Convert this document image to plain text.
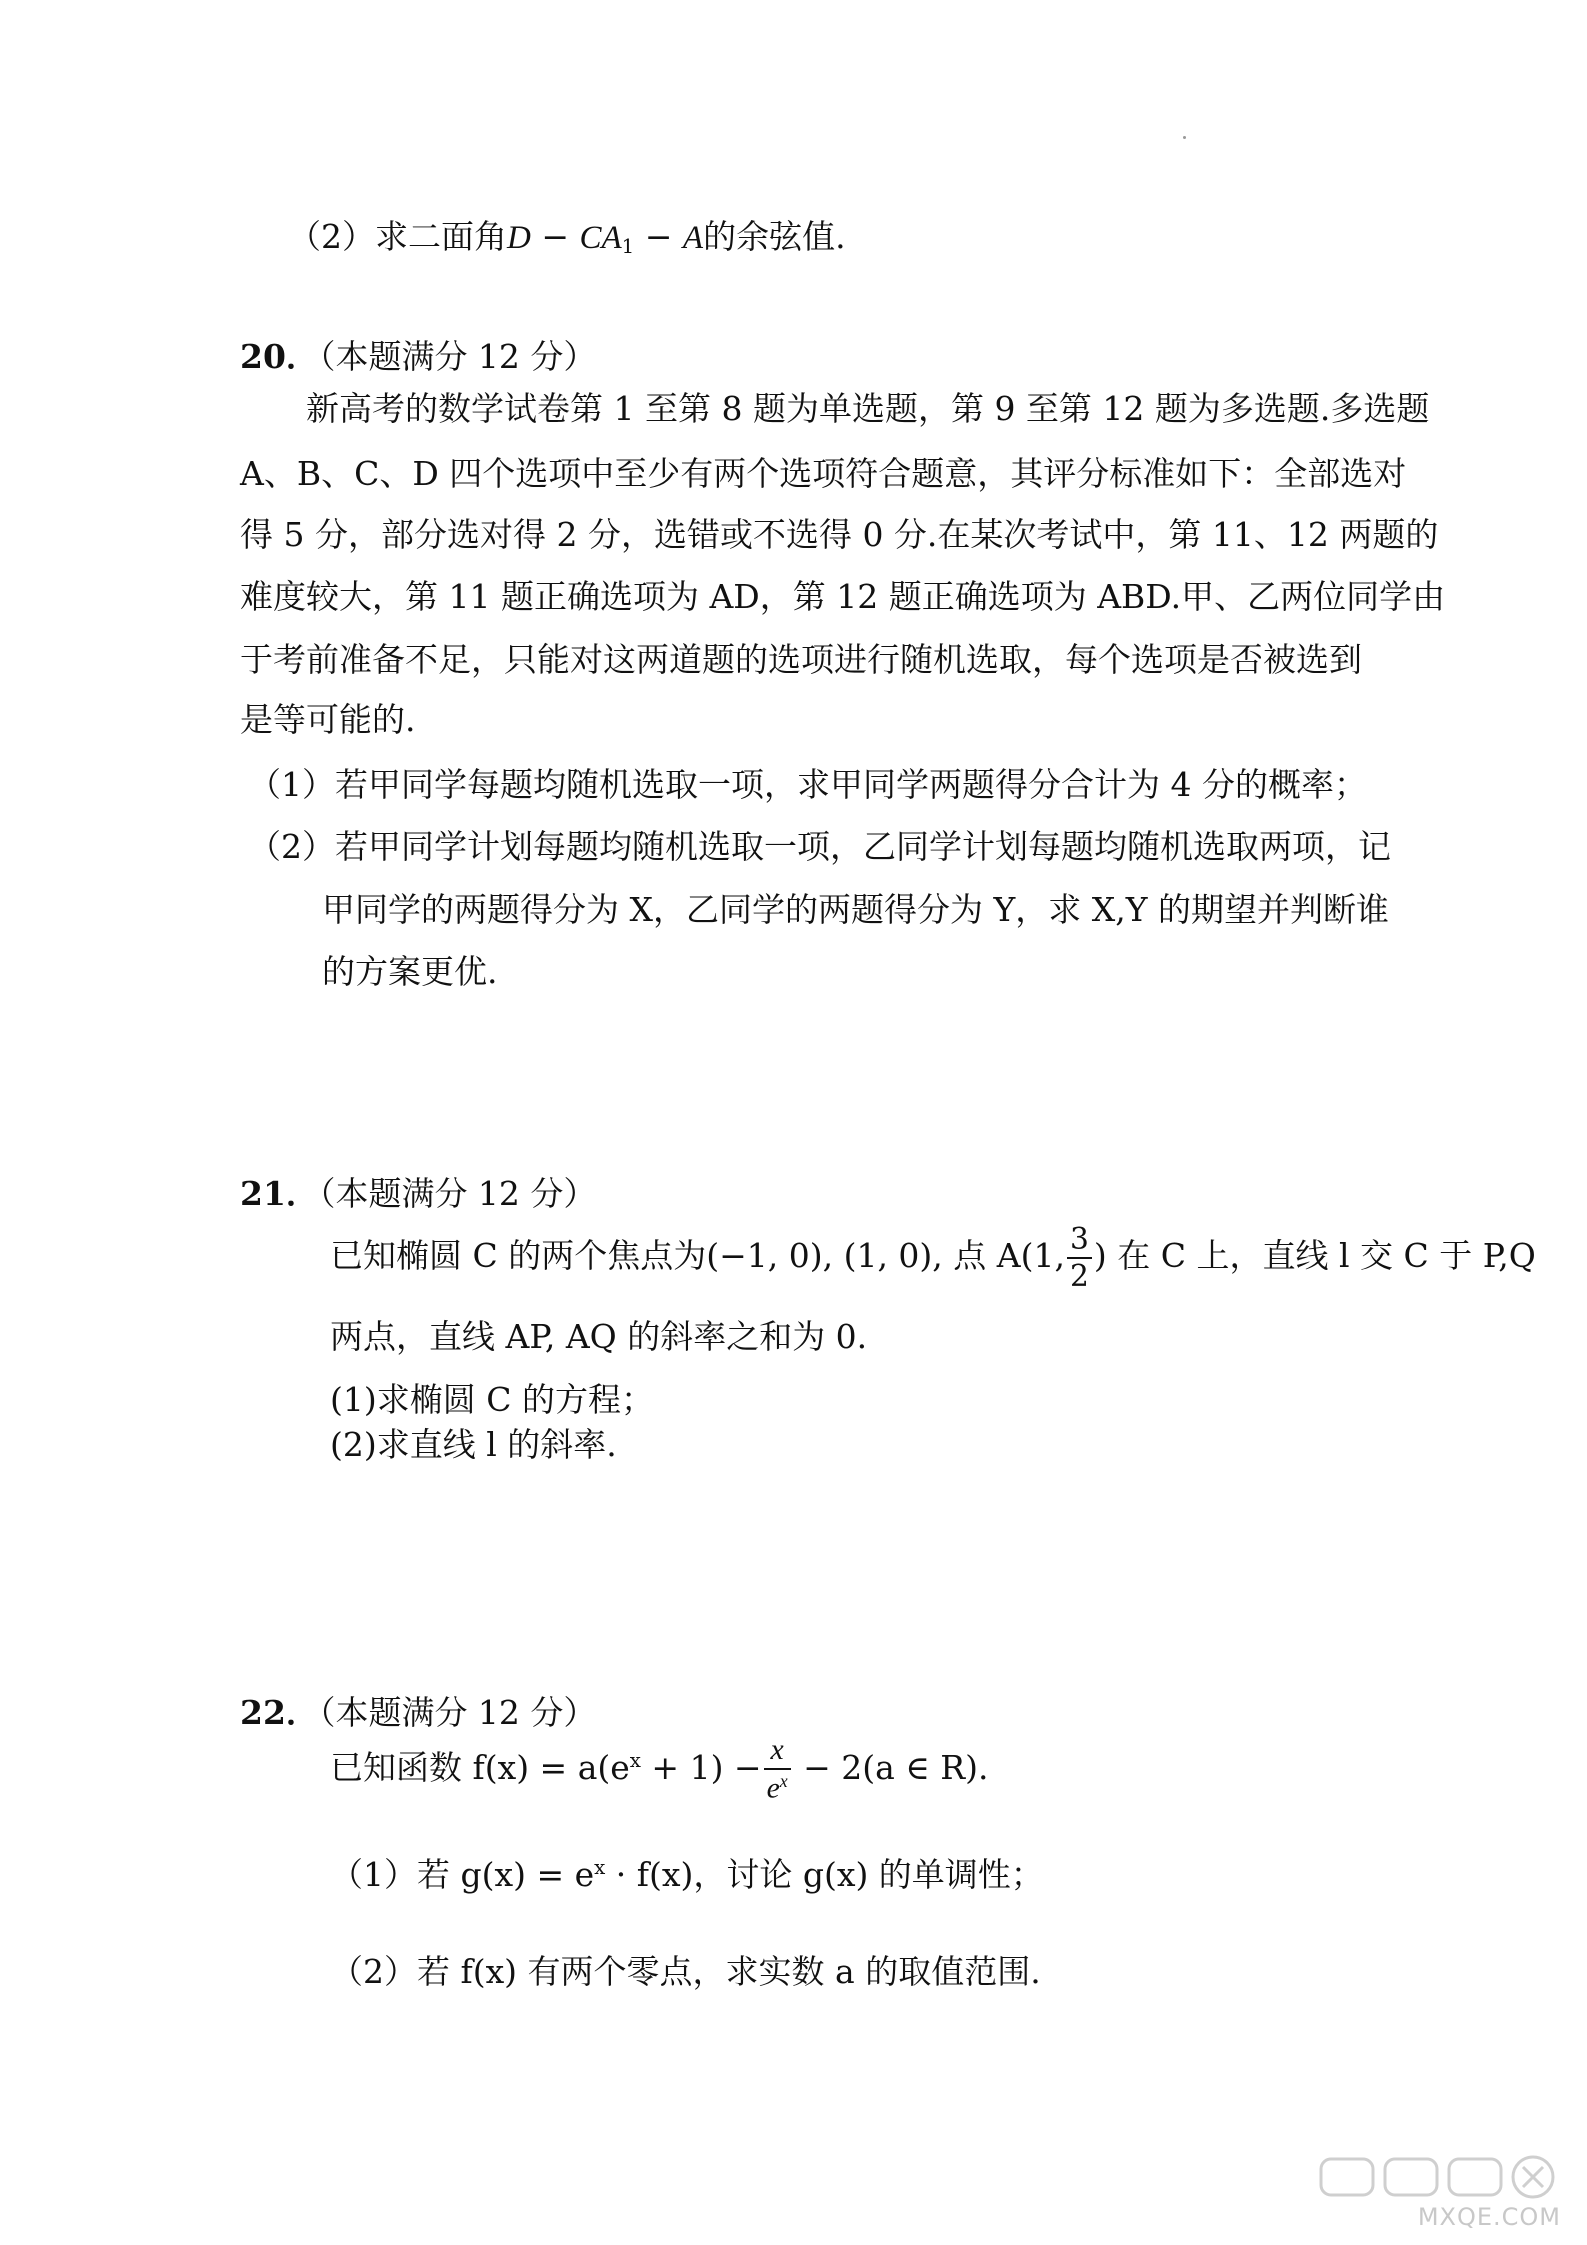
（2）求二面角$D - CA_1 - A$的余弦值.
20．（本题满分 12 分）
新高考的数学试卷第 1 至第 8 题为单选题，第 9 至第 12 题为多选题.多选题
A、B、C、D 四个选项中至少有两个选项符合题意，其评分标准如下：全部选对
得 5 分，部分选对得 2 分，选错或不选得 0 分.在某次考试中，第 11、12 两题的
难度较大，第 11 题正确选项为 AD，第 12 题正确选项为 ABD.甲、乙两位同学由
于考前准备不足，只能对这两道题的选项进行随机选取，每个选项是否被选到
是等可能的.
（1）若甲同学每题均随机选取一项，求甲同学两题得分合计为 4 分的概率；
（2）若甲同学计划每题均随机选取一项，乙同学计划每题均随机选取两项，记
甲同学的两题得分为 X，乙同学的两题得分为 Y，求 X,Y 的期望并判断谁
的方案更优.
21．（本题满分 12 分）
已知椭圆 C 的两个焦点为(−1, 0), (1, 0), 点 A(1, $\frac{3}{2}$ ) 在 C 上，直线 l 交 C 于 P,Q
两点，直线 AP, AQ 的斜率之和为 0.
(1)求椭圆 C 的方程；
(2)求直线 l 的斜率.
22．（本题满分 12 分）
已知函数 $f(x) = a(e^x + 1) - \frac{x}{e^x} - 2(a$ ∈ R).
（1）若 $g(x) = e^x \cdot f(x)$，讨论 g(x) 的单调性；
（2）若 f(x) 有两个零点，求实数 a 的取值范围.
MXQE.COM
